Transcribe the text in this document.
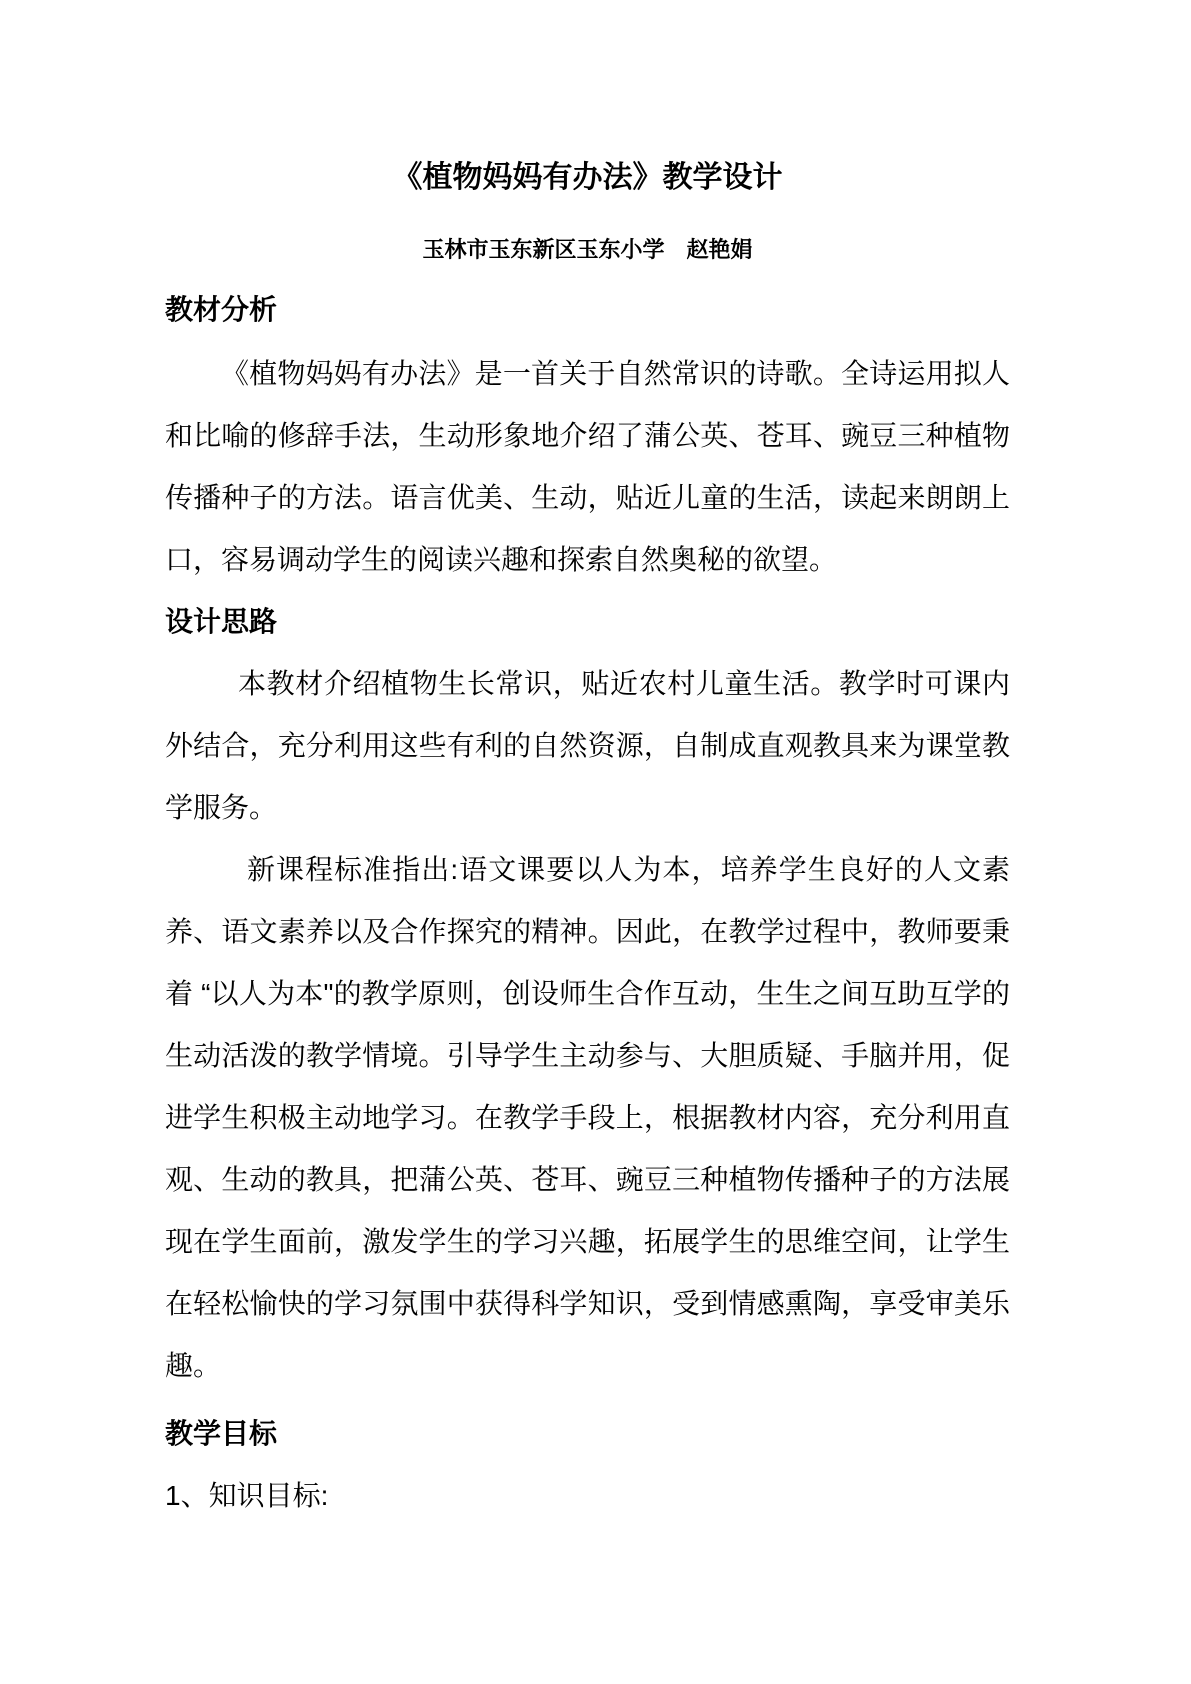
《植物妈妈有办法》教学设计
玉林市玉东新区玉东小学　赵艳娟
教材分析

《植物妈妈有办法》是一首关于自然常识的诗歌。全诗运用拟人和比喻的修辞手法，生动形象地介绍了蒲公英、苍耳、豌豆三种植物传播种子的方法。语言优美、生动，贴近儿童的生活，读起来朗朗上口，容易调动学生的阅读兴趣和探索自然奥秘的欲望。

设计思路

本教材介绍植物生长常识，贴近农村儿童生活。教学时可课内外结合，充分利用这些有利的自然资源，自制成直观教具来为课堂教学服务。

新课程标准指出:语文课要以人为本，培养学生良好的人文素养、语文素养以及合作探究的精神。因此，在教学过程中，教师要秉着 “以人为本"的教学原则，创设师生合作互动，生生之间互助互学的生动活泼的教学情境。引导学生主动参与、大胆质疑、手脑并用，促进学生积极主动地学习。在教学手段上，根据教材内容，充分利用直观、生动的教具，把蒲公英、苍耳、豌豆三种植物传播种子的方法展现在学生面前，激发学生的学习兴趣，拓展学生的思维空间，让学生在轻松愉快的学习氛围中获得科学知识，受到情感熏陶，享受审美乐趣。

教学目标

1、知识目标:
